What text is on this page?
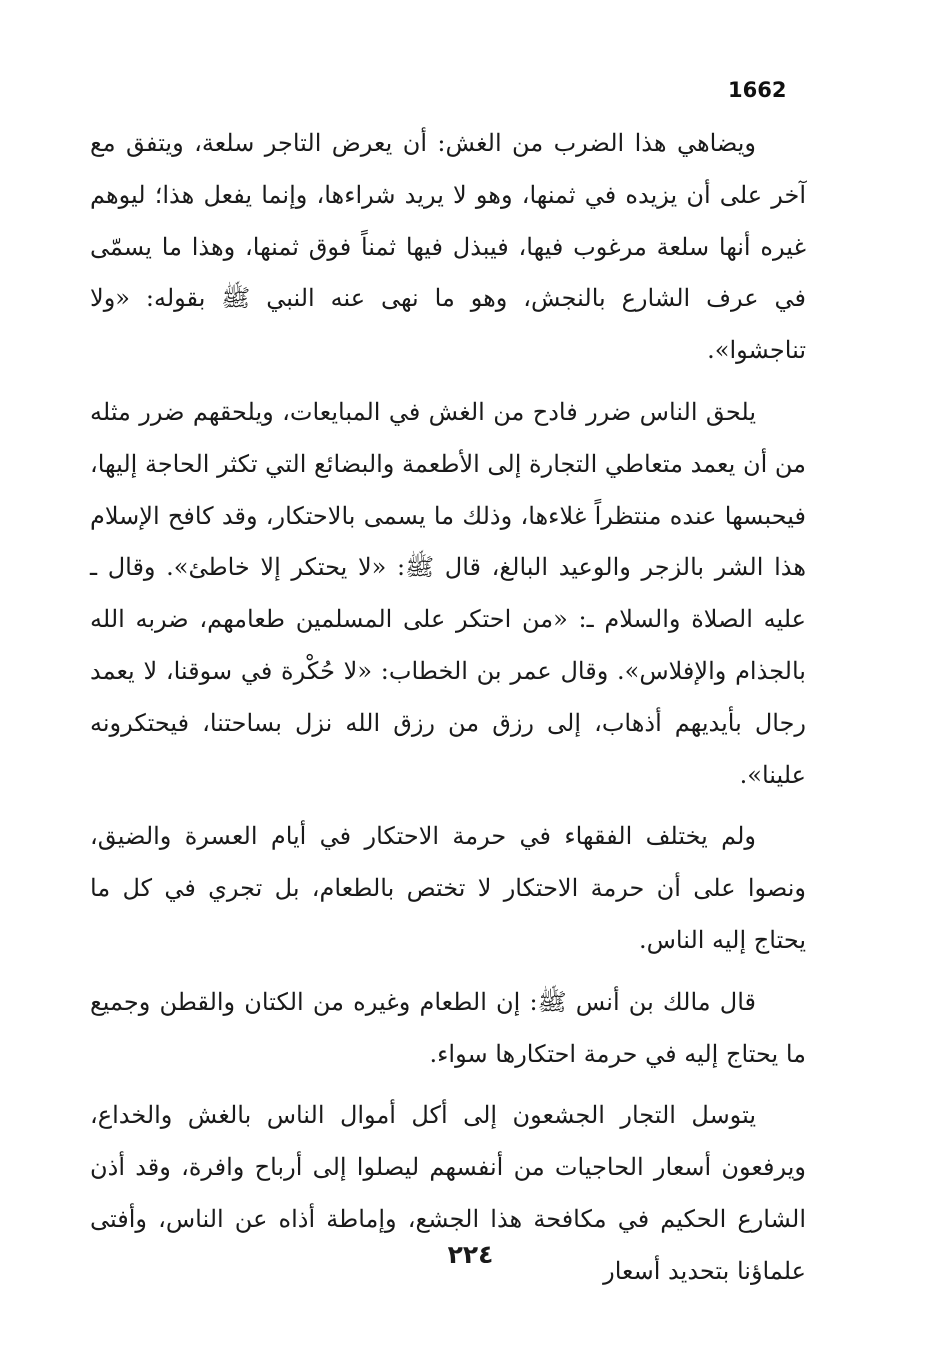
1662

ويضاهي هذا الضرب من الغش: أن يعرض التاجر سلعة، ويتفق مع آخر على أن يزيده في ثمنها، وهو لا يريد شراءها، وإنما يفعل هذا؛ ليوهم غيره أنها سلعة مرغوب فيها، فيبذل فيها ثمناً فوق ثمنها، وهذا ما يسمّى في عرف الشارع بالنجش، وهو ما نهى عنه النبي ﷺ بقوله: «ولا تناجشوا».

يلحق الناس ضرر فادح من الغش في المبايعات، ويلحقهم ضرر مثله من أن يعمد متعاطي التجارة إلى الأطعمة والبضائع التي تكثر الحاجة إليها، فيحبسها عنده منتظراً غلاءها، وذلك ما يسمى بالاحتكار، وقد كافح الإسلام هذا الشر بالزجر والوعيد البالغ، قال ﷺ: «لا يحتكر إلا خاطئ». وقال ـ عليه الصلاة والسلام ـ: «من احتكر على المسلمين طعامهم، ضربه الله بالجذام والإفلاس». وقال عمر بن الخطاب: «لا حُكْرة في سوقنا، لا يعمد رجال بأيديهم أذهاب، إلى رزق من رزق الله نزل بساحتنا، فيحتكرونه علينا».

ولم يختلف الفقهاء في حرمة الاحتكار في أيام العسرة والضيق، ونصوا على أن حرمة الاحتكار لا تختص بالطعام، بل تجري في كل ما يحتاج إليه الناس.

قال مالك بن أنس ﷺ: إن الطعام وغيره من الكتان والقطن وجميع ما يحتاج إليه في حرمة احتكارها سواء.

يتوسل التجار الجشعون إلى أكل أموال الناس بالغش والخداع، ويرفعون أسعار الحاجيات من أنفسهم ليصلوا إلى أرباح وافرة، وقد أذن الشارع الحكيم في مكافحة هذا الجشع، وإماطة أذاه عن الناس، وأفتى علماؤنا بتحديد أسعار

٢٢٤
